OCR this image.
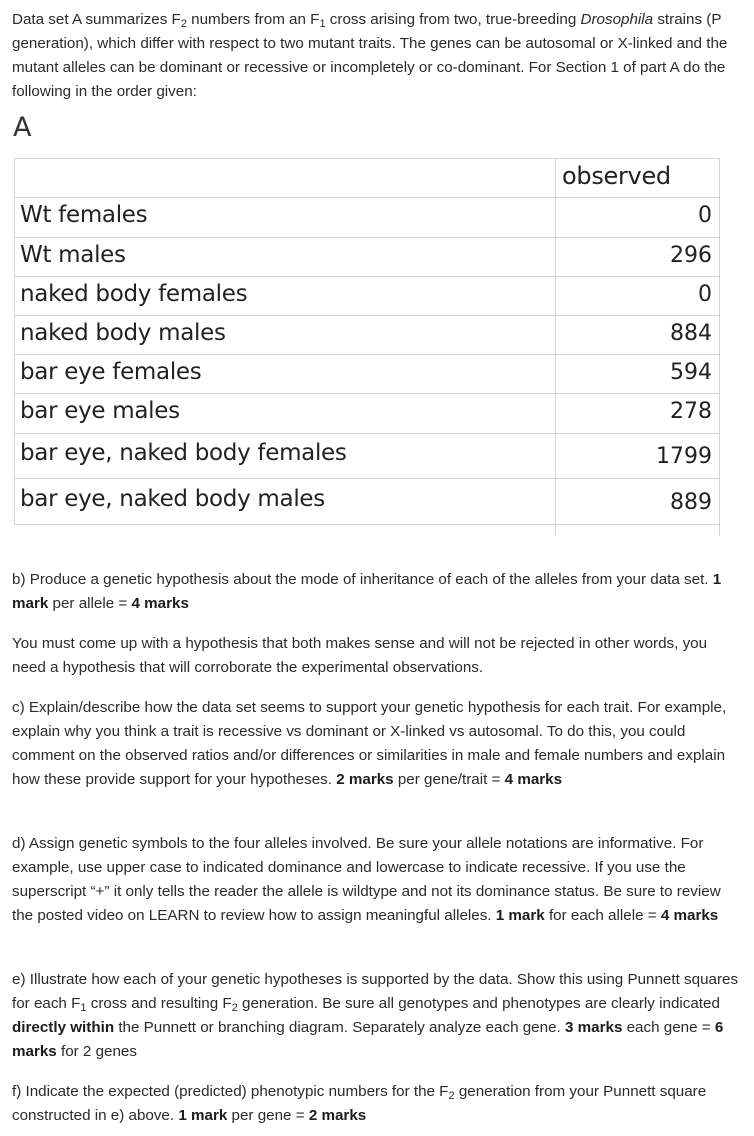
Data set A summarizes $F_2$ numbers from an $F_1$ cross arising from two, true-breeding Drosophila strains (P generation), which differ with respect to two mutant traits. The genes can be autosomal or X-linked and the mutant alleles can be dominant or recessive or incompletely or co-dominant. For Section 1 of part A do the following in the order given:

A
observed
Wt females	0
Wt males	296
naked body females	0
naked body males	884
bar eye females	594
bar eye males	278
bar eye, naked body females	1799
bar eye, naked body males	889

b) Produce a genetic hypothesis about the mode of inheritance of each of the alleles from your data set. 1 mark per allele = 4 marks

You must come up with a hypothesis that both makes sense and will not be rejected in other words, you need a hypothesis that will corroborate the experimental observations.

c) Explain/describe how the data set seems to support your genetic hypothesis for each trait. For example, explain why you think a trait is recessive vs dominant or X-linked vs autosomal. To do this, you could comment on the observed ratios and/or differences or similarities in male and female numbers and explain how these provide support for your hypotheses. 2 marks per gene/trait = 4 marks

d) Assign genetic symbols to the four alleles involved. Be sure your allele notations are informative. For example, use upper case to indicated dominance and lowercase to indicate recessive. If you use the superscript “+” it only tells the reader the allele is wildtype and not its dominance status. Be sure to review the posted video on LEARN to review how to assign meaningful alleles. 1 mark for each allele = 4 marks

e) Illustrate how each of your genetic hypotheses is supported by the data. Show this using Punnett squares for each $F_1$ cross and resulting $F_2$ generation. Be sure all genotypes and phenotypes are clearly indicated directly within the Punnett or branching diagram. Separately analyze each gene. 3 marks each gene = 6 marks for 2 genes

f) Indicate the expected (predicted) phenotypic numbers for the $F_2$ generation from your Punnett square constructed in e) above. 1 mark per gene = 2 marks
